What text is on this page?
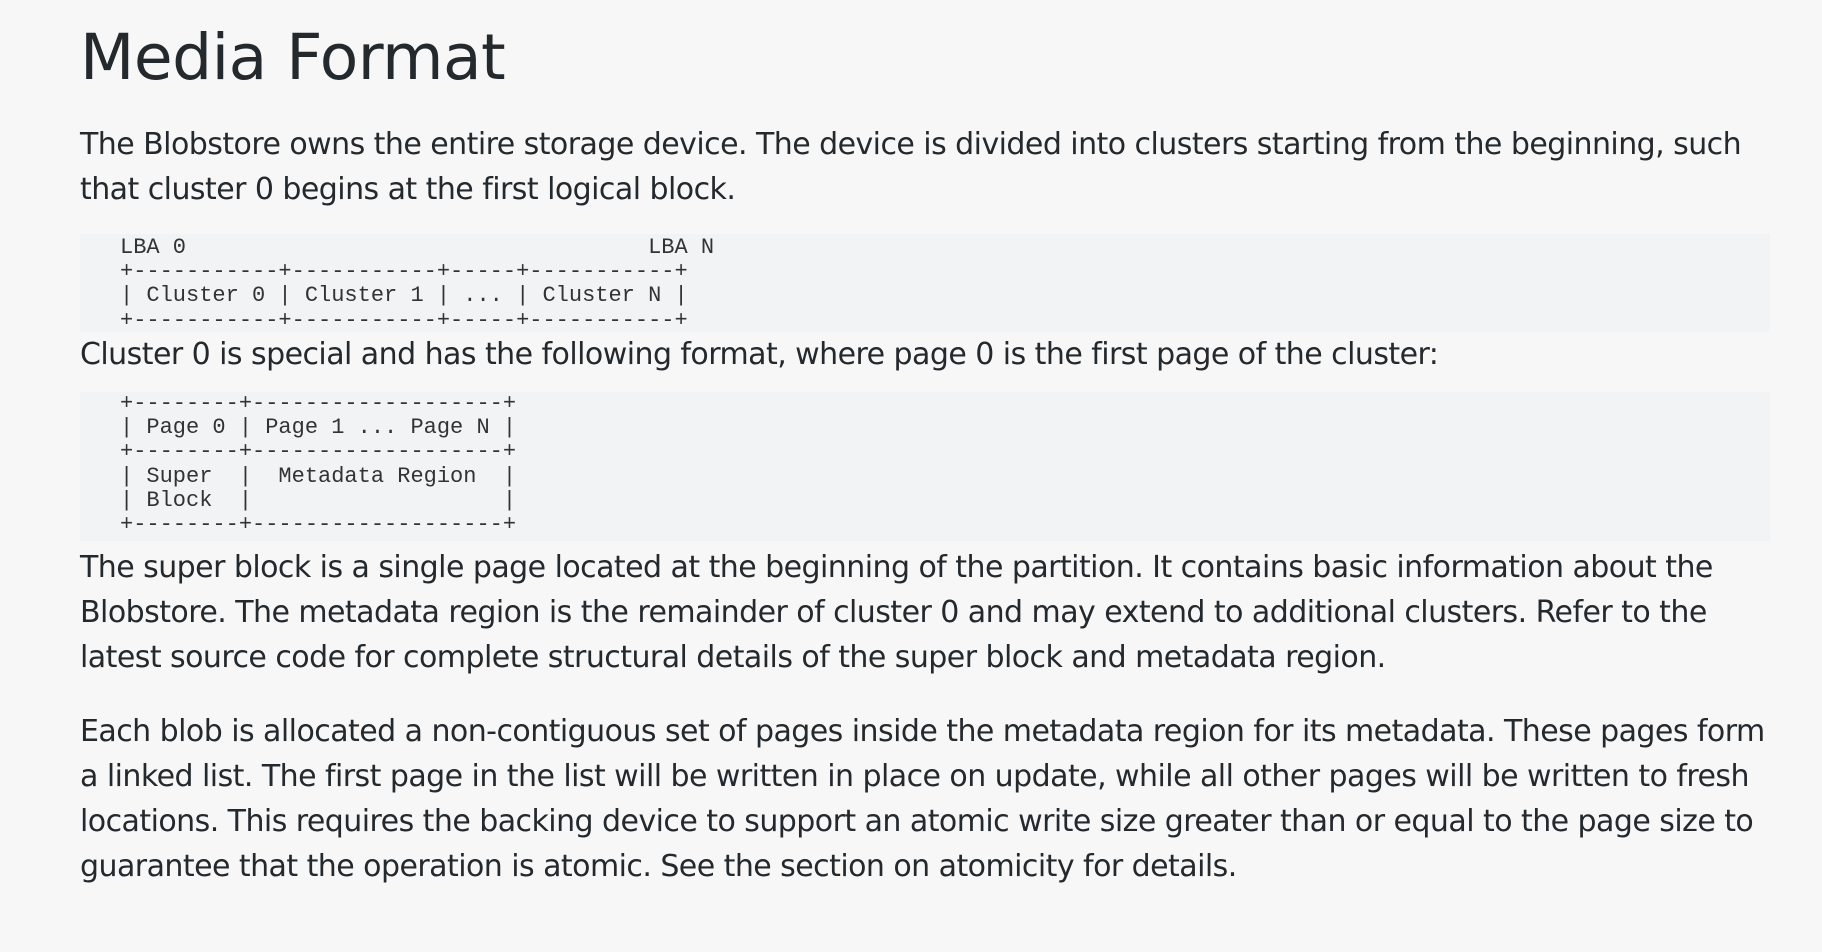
Media Format

The Blobstore owns the entire storage device. The device is divided into clusters starting from the beginning, such that cluster 0 begins at the first logical block.

LBA 0                                   LBA N
+-----------+-----------+-----+-----------+
| Cluster 0 | Cluster 1 | ... | Cluster N |
+-----------+-----------+-----+-----------+

Cluster 0 is special and has the following format, where page 0 is the first page of the cluster:

+--------+-------------------+
| Page 0 | Page 1 ... Page N |
+--------+-------------------+
| Super  |  Metadata Region  |
| Block  |                   |
+--------+-------------------+

The super block is a single page located at the beginning of the partition. It contains basic information about the Blobstore. The metadata region is the remainder of cluster 0 and may extend to additional clusters. Refer to the latest source code for complete structural details of the super block and metadata region.

Each blob is allocated a non-contiguous set of pages inside the metadata region for its metadata. These pages form a linked list. The first page in the list will be written in place on update, while all other pages will be written to fresh locations. This requires the backing device to support an atomic write size greater than or equal to the page size to guarantee that the operation is atomic. See the section on atomicity for details.
